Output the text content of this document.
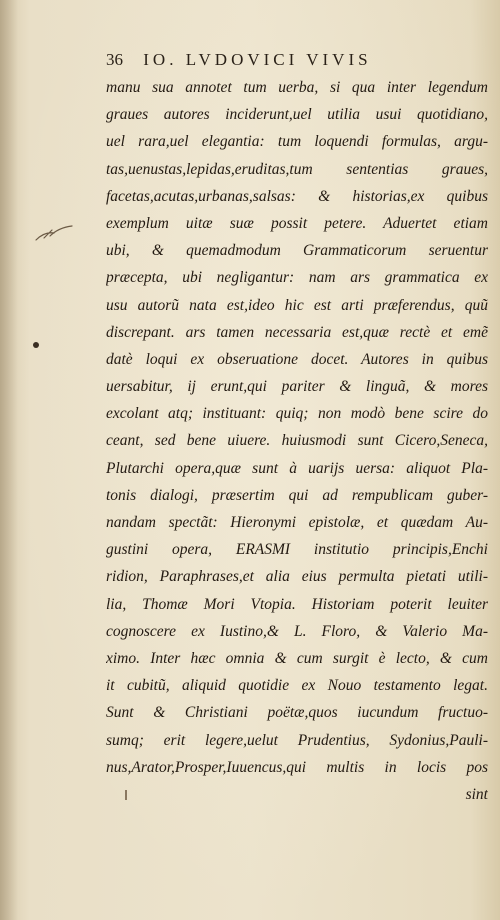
36 IO. LVDOVICI VIVIS
manu sua annotet tum uerba, si qua inter legendum
graues autores inciderunt,uel utilia usui quotidiano,
uel rara,uel elegantia: tum loquendi formulas, argu-
tas,uenustas,lepidas,eruditas,tum sententias graues,
facetas,acutas,urbanas,salsas: & historias,ex quibus
exemplum uitæ suæ possit petere. Aduertet etiam
ubi, & quemadmodum Grammaticorum seruentur
præcepta, ubi negligantur: nam ars grammatica ex
usu autorũ nata est,ideo hic est arti præferendus, quũ
discrepant. ars tamen necessaria est,quæ rectè et emẽ
datè loqui ex obseruatione docet. Autores in quibus
uersabitur, ij erunt,qui pariter & linguã, & mores
excolant atq; instituant: quiq; non modò bene scire do
ceant, sed bene uiuere. huiusmodi sunt Cicero,Seneca,
Plutarchi opera,quæ sunt à uarijs uersa: aliquot Pla-
tonis dialogi, præsertim qui ad rempublicam guber-
nandam spectãt: Hieronymi epistolæ, et quædam Au-
gustini opera, ERASMI institutio principis,Enchi
ridion, Paraphrases,et alia eius permulta pietati utili-
lia, Thomæ Mori Vtopia. Historiam poterit leuiter
cognoscere ex Iustino,& L. Floro, & Valerio Ma-
ximo. Inter hæc omnia & cum surgit è lecto, & cum
it cubitũ, aliquid quotidie ex Nouo testamento legat.
Sunt & Christiani poëtæ,quos iucundum fructuo-
sumq; erit legere,uelut Prudentius, Sydonius,Pauli-
nus,Arator,Prosper,Iuuencus,qui multis in locis pos
sint
